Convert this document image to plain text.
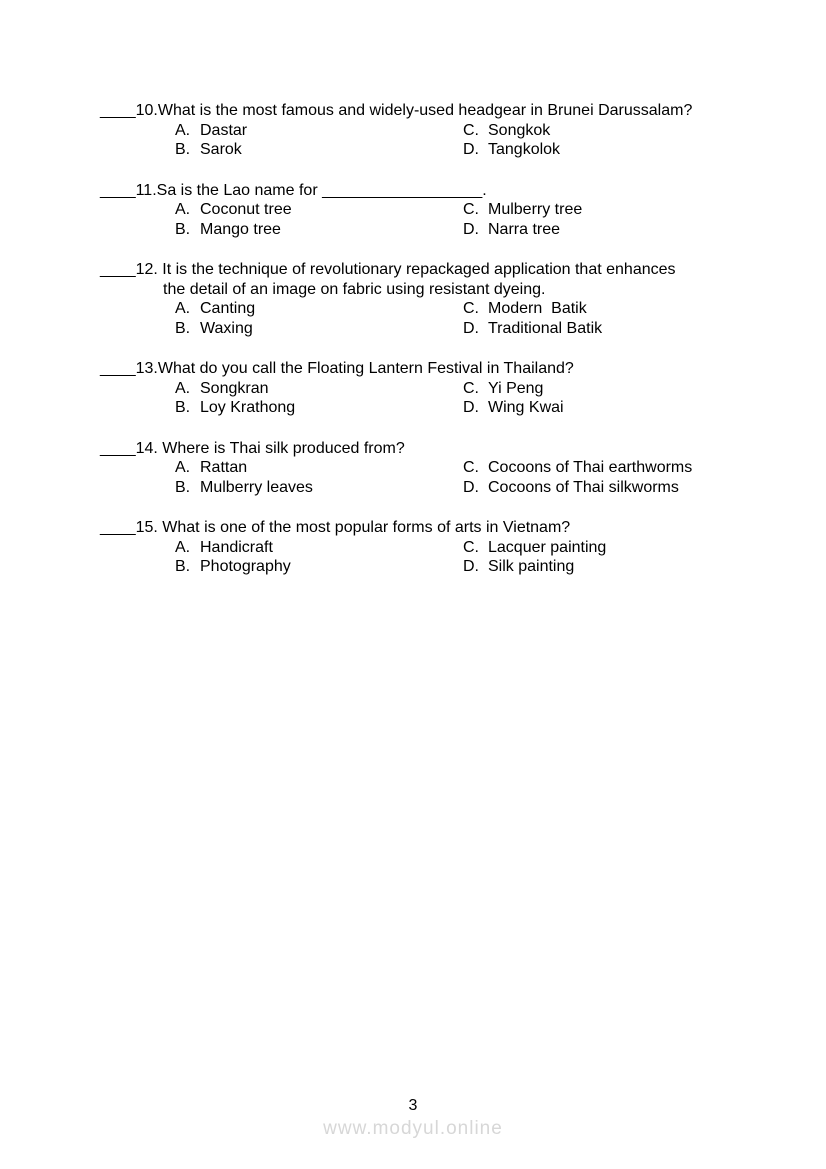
____10.What is the most famous and widely-used headgear in Brunei Darussalam?
A. Dastar	C. Songkok
B. Sarok	D. Tangkolok
____11.Sa is the Lao name for __________________.
A. Coconut tree	C. Mulberry tree
B. Mango tree	D. Narra tree
____12. It is the technique of revolutionary repackaged application that enhances
the detail of an image on fabric using resistant dyeing.
A. Canting	C. Modern  Batik
B. Waxing	D. Traditional Batik
____13.What do you call the Floating Lantern Festival in Thailand?
A. Songkran	C. Yi Peng
B. Loy Krathong	D. Wing Kwai
____14. Where is Thai silk produced from?
A. Rattan	C. Cocoons of Thai earthworms
B. Mulberry leaves	D. Cocoons of Thai silkworms
____15. What is one of the most popular forms of arts in Vietnam?
A. Handicraft	C. Lacquer painting
B. Photography	D. Silk painting
3
www.modyul.online
